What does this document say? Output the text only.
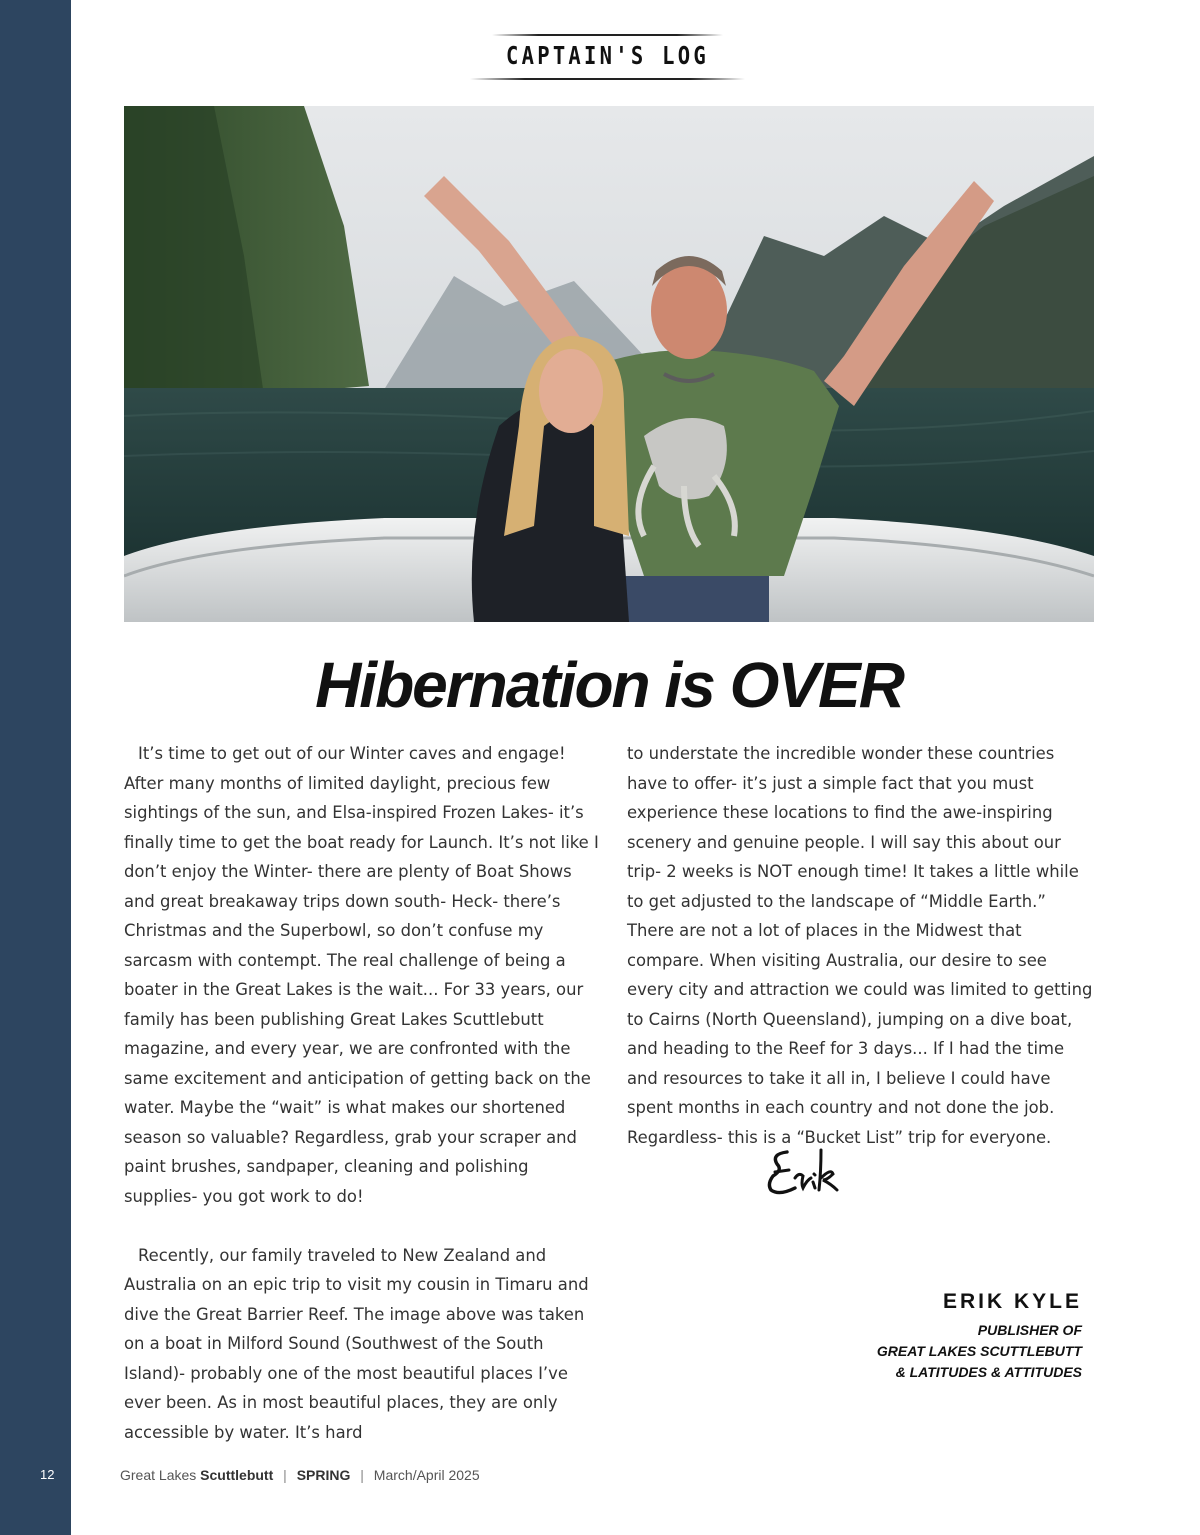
12
CAPTAIN'S LOG
Hibernation is OVER

It’s time to get out of our Winter caves and engage! After many months of limited daylight, precious few sightings of the sun, and Elsa-inspired Frozen Lakes- it’s finally time to get the boat ready for Launch. It’s not like I don’t enjoy the Winter- there are plenty of Boat Shows and great breakaway trips down south- Heck- there’s Christmas and the Superbowl, so don’t confuse my sarcasm with contempt. The real challenge of being a boater in the Great Lakes is the wait... For 33 years, our family has been publishing Great Lakes Scuttlebutt magazine, and every year, we are confronted with the same excitement and anticipation of getting back on the water. Maybe the “wait” is what makes our shortened season so valuable? Regardless, grab your scraper and paint brushes, sandpaper, cleaning and polishing supplies- you got work to do!

Recently, our family traveled to New Zealand and Australia on an epic trip to visit my cousin in Timaru and dive the Great Barrier Reef. The image above was taken on a boat in Milford Sound (Southwest of the South Island)- probably one of the most beautiful places I’ve ever been. As in most beautiful places, they are only accessible by water. It’s hard

to understate the incredible wonder these countries have to offer- it’s just a simple fact that you must experience these locations to find the awe-inspiring scenery and genuine people. I will say this about our trip- 2 weeks is NOT enough time! It takes a little while to get adjusted to the landscape of “Middle Earth.” There are not a lot of places in the Midwest that compare. When visiting Australia, our desire to see every city and attraction we could was limited to getting to Cairns (North Queensland), jumping on a dive boat, and heading to the Reef for 3 days... If I had the time and resources to take it all in, I believe I could have spent months in each country and not done the job. Regardless- this is a “Bucket List” trip for everyone.

ERIK KYLE
PUBLISHER OF
GREAT LAKES SCUTTLEBUTT
& LATITUDES & ATTITUDES
Great Lakes Scuttlebutt | SPRING | March/April 2025
